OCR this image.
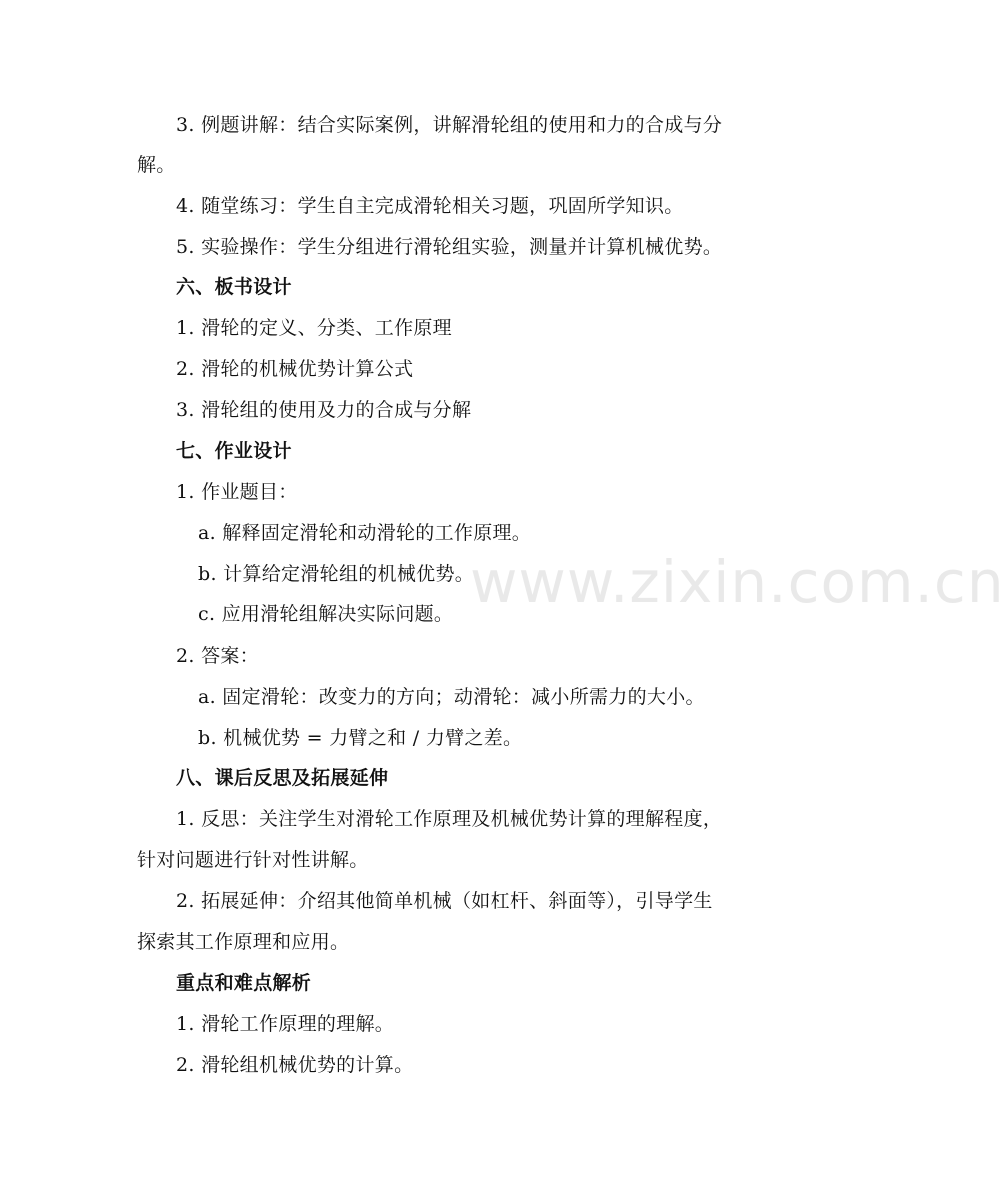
www.zixin.com.cn
3. 例题讲解：结合实际案例，讲解滑轮组的使用和力的合成与分
解。
4. 随堂练习：学生自主完成滑轮相关习题，巩固所学知识。
5. 实验操作：学生分组进行滑轮组实验，测量并计算机械优势。
六、板书设计
1. 滑轮的定义、分类、工作原理
2. 滑轮的机械优势计算公式
3. 滑轮组的使用及力的合成与分解
七、作业设计
1. 作业题目：
a. 解释固定滑轮和动滑轮的工作原理。
b. 计算给定滑轮组的机械优势。
c. 应用滑轮组解决实际问题。
2. 答案：
a. 固定滑轮：改变力的方向；动滑轮：减小所需力的大小。
b. 机械优势 = 力臂之和 / 力臂之差。
八、课后反思及拓展延伸
1. 反思：关注学生对滑轮工作原理及机械优势计算的理解程度，
针对问题进行针对性讲解。
2. 拓展延伸：介绍其他简单机械（如杠杆、斜面等），引导学生
探索其工作原理和应用。
重点和难点解析
1. 滑轮工作原理的理解。
2. 滑轮组机械优势的计算。
